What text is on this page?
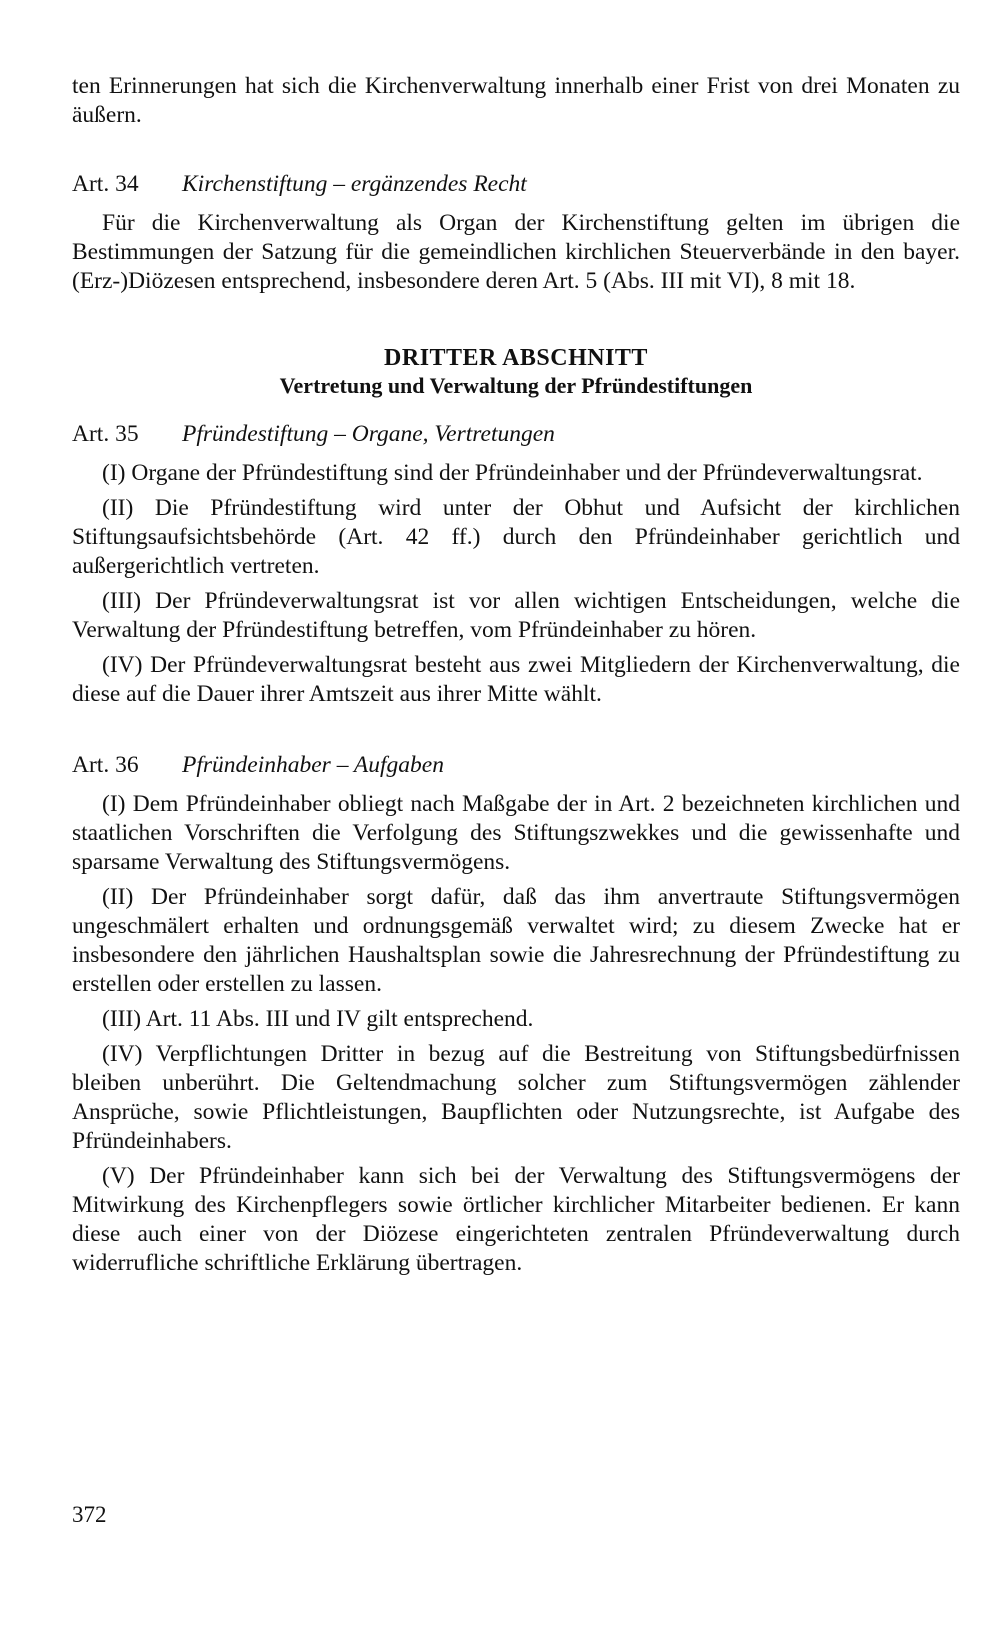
ten Erinnerungen hat sich die Kirchenverwaltung innerhalb einer Frist von drei Monaten zu äußern.

Art. 34 Kirchenstiftung – ergänzendes Recht

Für die Kirchenverwaltung als Organ der Kirchenstiftung gelten im übrigen die Bestimmungen der Satzung für die gemeindlichen kirchlichen Steuerverbände in den bayer. (Erz-)Diözesen entsprechend, insbesondere deren Art. 5 (Abs. III mit VI), 8 mit 18.

DRITTER ABSCHNITT
Vertretung und Verwaltung der Pfründestiftungen
Art. 35 Pfründestiftung – Organe, Vertretungen

(I) Organe der Pfründestiftung sind der Pfründeinhaber und der Pfründeverwaltungsrat.

(II) Die Pfründestiftung wird unter der Obhut und Aufsicht der kirchlichen Stiftungsaufsichtsbehörde (Art. 42 ff.) durch den Pfründeinhaber gerichtlich und außergerichtlich vertreten.

(III) Der Pfründeverwaltungsrat ist vor allen wichtigen Entscheidungen, welche die Verwaltung der Pfründestiftung betreffen, vom Pfründeinhaber zu hören.

(IV) Der Pfründeverwaltungsrat besteht aus zwei Mitgliedern der Kirchenverwaltung, die diese auf die Dauer ihrer Amtszeit aus ihrer Mitte wählt.

Art. 36 Pfründeinhaber – Aufgaben

(I) Dem Pfründeinhaber obliegt nach Maßgabe der in Art. 2 bezeichneten kirchlichen und staatlichen Vorschriften die Verfolgung des Stiftungszwekkes und die gewissenhafte und sparsame Verwaltung des Stiftungsvermögens.

(II) Der Pfründeinhaber sorgt dafür, daß das ihm anvertraute Stiftungsvermögen ungeschmälert erhalten und ordnungsgemäß verwaltet wird; zu diesem Zwecke hat er insbesondere den jährlichen Haushaltsplan sowie die Jahresrechnung der Pfründestiftung zu erstellen oder erstellen zu lassen.

(III) Art. 11 Abs. III und IV gilt entsprechend.

(IV) Verpflichtungen Dritter in bezug auf die Bestreitung von Stiftungsbedürfnissen bleiben unberührt. Die Geltendmachung solcher zum Stiftungsvermögen zählender Ansprüche, sowie Pflichtleistungen, Baupflichten oder Nutzungsrechte, ist Aufgabe des Pfründeinhabers.

(V) Der Pfründeinhaber kann sich bei der Verwaltung des Stiftungsvermögens der Mitwirkung des Kirchenpflegers sowie örtlicher kirchlicher Mitarbeiter bedienen. Er kann diese auch einer von der Diözese eingerichteten zentralen Pfründeverwaltung durch widerrufliche schriftliche Erklärung übertragen.

372
